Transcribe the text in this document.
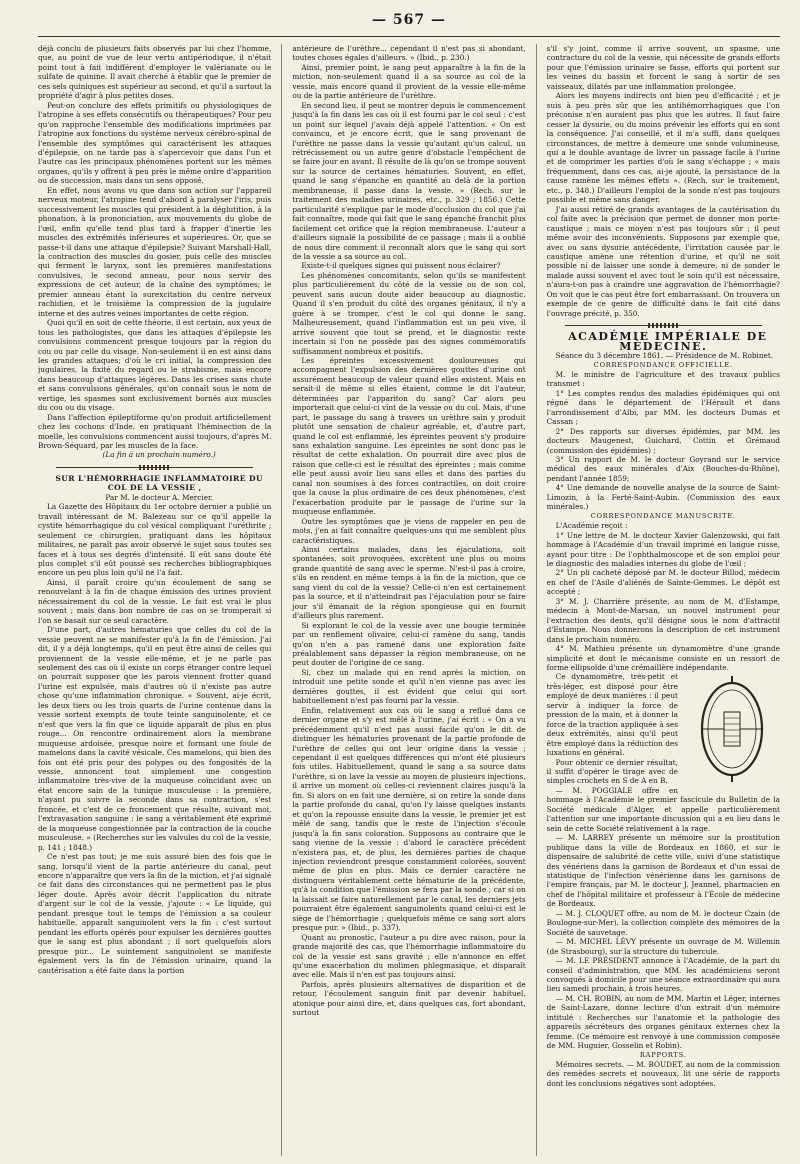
— 567 —

déjà conclu de plusieurs faits observés par lui chez l'homme, que, au point de vue de leur vertu antipériodique, il n'était point tout à fait indifférent d'employer le valérianate ou le sulfate de quinine. Il avait cherché à établir que le premier de ces sels quiniques est supérieur au second, et qu'il a surtout la propriété d'agir à plus petites doses.

Peut-on conclure des effets primitifs ou physiologiques de l'atropine à ses effets consécutifs ou thérapeutiques? Pour peu qu'on rapproche l'ensemble des modifications imprimées par l'atropine aux fonctions du système nerveux cérébro-spinal de l'ensemble des symptômes qui caractérisent les attaques d'épilepsie, on ne tarde pas à s'apercevoir que dans l'un et l'autre cas les principaux phénomènes portent sur les mêmes organes, qu'ils y offrent à peu près le même ordre d'apparition ou de succession, mais dans un sens opposé.

En effet, nous avons vu que dans son action sur l'appareil nerveux moteur, l'atropine tend d'abord à paralyser l'iris, puis successivement les muscles qui président à la déglutition, à la phonation, à la prononciation, aux mouvements du globe de l'œil, enfin qu'elle tend plus tard à frapper d'inertie les muscles des extrémités inférieures et supérieures. Or, que se passe-t-il dans une attaque d'épilepsie? Suivant Marshall-Hall, la contraction des muscles du gosier, puis celle des muscles qui ferment le larynx, sont les premières manifestations convulsives, le second anneau, pour nous servir des expressions de cet auteur, de la chaîne des symptômes; le premier anneau étant la surexcitation du centre nerveux rachidien, et le troisième la compression de la jugulaire interne et des autres veines importantes de cette région.

Quoi qu'il en soit de cette théorie, il est certain, aux yeux de tous les pathologistes, que dans les attaques d'épilepsie les convulsions commencent presque toujours par la région du cou ou par celle du visage. Non-seulement il en est ainsi dans les grandes attaques; d'où le cri initial, la compression des jugulaires, la fixité du regard ou le strabisme, mais encore dans beaucoup d'attaques légères. Dans les crises sans chute et sans convulsions générales, qu'on connaît sous le nom de vertige, les spasmes sont exclusivement bornés aux muscles du cou ou du visage.

Dans l'affection épileptiforme qu'on produit artificiellement chez les cochons d'Inde, en pratiquant l'hémisection de la moelle, les convulsions commencent aussi toujours, d'après M. Brown-Séquard, par les muscles de la face.

(La fin à un prochain numéro.)

SUR L'HÉMORRHAGIE INFLAMMATOIRE DU COL DE LA VESSIE ,

Par M. le docteur A. Mercier.

La Gazette des Hôpitaux du 1er octobre dernier a publié un travail intéressant de M. Balezeau sur ce qu'il appelle la cystite hémorrhagique du col vésical compliquant l'uréthrite ; seulement ce chirurgien, pratiquant dans les hôpitaux militaires, ne paraît pas avoir observé le sujet sous toutes ses faces et à tous ses degrés d'intensité. Il eût sans doute été plus complet s'il eût poussé ses recherches bibliographiques encore un peu plus loin qu'il ne l'a fait.

Ainsi, il paraît croire qu'un écoulement de sang se renouvelant à la fin de chaque émission des urines provient nécessairement du col de la vessie. Le fait est vrai le plus souvent ; mais dans bon nombre de cas on se tromperait si l'on se basait sur ce seul caractère.

D'une part, d'autres hématuries que celles du col de la vessie peuvent ne se manifester qu'à la fin de l'émission. J'ai dit, il y a déjà longtemps, qu'il en peut être ainsi de celles qui proviennent de la vessie elle-même, et je ne parle pas seulement des cas où il existe un corps étranger contre lequel on pourrait supposer que les parois viennent frotter quand l'urine est expulsée, mais d'autres où il n'existe pas autre chose qu'une inflammation chronique. « Souvent, ai-je écrit, les deux tiers ou les trois quarts de l'urine contenue dans la vessie sortent exempts de toute teinte sanguinolente, et ce n'est que vers la fin que ce liquide apparaît de plus en plus rouge... On rencontre ordinairement alors la membrane muqueuse ardoisée, presque noire et formant une foule de mamelons dans la cavité vésicale. Ces mamelons, qui bien des fois ont été pris pour des polypes ou des fongosités de la vessie, annoncent tout simplement une congestion inflammatoire très-vive de la muqueuse coïncidant avec un état encore sain de la tunique musculeuse : la première, n'ayant pu suivre la seconde dans sa contraction, s'est froncée, et c'est de ce froncement que résulte, suivant moi, l'extravasation sanguine : le sang a véritablement été exprimé de la muqueuse congestionnée par la contraction de la couche musculeuse. » (Recherches sur les valvules du col de la vessie, p. 141 ; 1848.)

Ce n'est pas tout; je me suis assuré bien des fois que le sang, lorsqu'il vient de la partie antérieure du canal, peut encore n'apparaître que vers la fin de la miction, et j'ai signalé ce fait dans des circonstances qui ne permettent pas le plus léger doute. Après avoir décrit l'application du nitrate d'argent sur le col de la vessie, j'ajoute : « Le liquide, qui pendant presque tout le temps de l'émission a sa couleur habituelle, apparaît sanguinolent vers la fin : c'est surtout pendant les efforts opérés pour expulser les dernières gouttes que le sang est plus abondant ; il sort quelquefois alors presque pur... Le suintement sanguinolent se manifeste également vers la fin de l'émission urinaire, quand la cautérisation a été faite dans la portion

antérieure de l'urèthre... cependant il n'est pas si abondant, toutes choses égales d'ailleurs. » (Ibid., p. 230.)

Ainsi, premier point, le sang peut apparaître à la fin de la miction, non-seulement quand il a sa source au col de la vessie, mais encore quand il provient de la vessie elle-même ou de la partie antérieure de l'urèthre.

En second lieu, il peut se montrer depuis le commencement jusqu'à la fin dans les cas où il est fourni par le col seul : c'est un point sur lequel j'avais déjà appelé l'attention. « On est convaincu, et je encore écrit, que le sang provenant de l'urèthre ne passe dans la vessie qu'autant qu'un calcul, un rétrécissement ou un autre genre d'obstacle l'empêchent de se faire jour en avant. Il résulte de là qu'on se trompe souvent sur la source de certaines hématuries. Souvent, en effet, quand le sang s'épanche en quantité au delà de la portion membraneuse, il passe dans la vessie. » (Rech. sur le traitement des maladies urinaires, etc., p. 329 ; 1856.) Cette particularité s'explique par le mode d'occlusion du col que j'ai fait connaître, mode qui fait que le sang épanché franchit plus facilement cet orifice que la région membraneuse. L'auteur a d'ailleurs signalé la possibilité de ce passage ; mais il a oublié de nous dire comment il reconnaît alors que le sang qui sort de la vessie a sa source au col.

Existe-t-il quelques signes qui puissent nous éclairer?

Les phénomènes concomitants, selon qu'ils se manifestent plus particulièrement du côté de la vessie ou de son col, peuvent sans aucun doute aider beaucoup au diagnostic. Quand il s'en produit du côté des organes génitaux, il n'y a guère à se tromper, c'est le col qui donne le sang. Malheureusement, quand l'inflammation est un peu vive, il arrive souvent que tout se prend, et le diagnostic reste incertain si l'on ne possède pas des signes commémoratifs suffisamment nombreux et positifs.

Les épreintes excessivement douloureuses qui accompagnent l'expulsion des dernières gouttes d'urine ont assurément beaucoup de valeur quand elles existent. Mais en serait-il de même si elles étaient, comme le dit l'auteur, déterminées par l'appariton du sang? Car alors peu importerait que celui-ci vînt de la vessie ou du col. Mais, d'une part, le passage du sang à travers un urèthre sain y produit plutôt une sensation de chaleur agréable, et, d'autre part, quand le col est enflammé, les épreintes peuvent s'y produire sans exhalation sanguine. Les épreintes ne sont donc pas le résultat de cette exhalation. On pourrait dire avec plus de raison que celle-ci est le résultat des épreintes ; mais comme elle peut aussi avoir lieu sans elles et dans des parties du canal non soumises à des forces contractiles, on doit croire que la cause la plus ordinaire de ces deux phénomènes, c'est l'exacerbation produite par le passage de l'urine sur la muqueuse enflammée.

Outre les symptômes que je viens de rappeler en peu de mots, j'en ai fait connaître quelques-uns qui me semblent plus caractéristiques.

Ainsi certains malades, dans les éjaculations, soit spontanées, soit provoquées, excrètent une plus ou moins grande quantité de sang avec le sperme. N'est-il pas à croire, s'ils en rendent en même temps à la fin de la miction, que ce sang vient du col de la vessie? Celle-ci n'en est certainement pas la source, et il n'atteindrait pas l'éjaculation pour se faire jour s'il émanait de la région spongieuse qui en fournit d'ailleurs plus rarement.

Si explorant le col de la vessie avec une bougie terminée par un renflement olivaire, celui-ci ramène du sang, tandis qu'on n'en a pas ramené dans une exploration faite préalablement sans dépasser la région membraneuse, on ne peut douter de l'origine de ce sang.

Si, chez un malade qui en rend après la miction, on introduit une petite sonde et qu'il n'en vienne pas avec les dernières gouttes, il est évident que celui qui sort habituellement n'est pas fourni par la vessie.

Enfin, relativement aux cas où le sang a reflué dans ce dernier organe et s'y est mêlé à l'urine, j'ai écrit : « On a vu précédemment qu'il n'est pas aussi facile qu'on le dit de distinguer les hématuries provenant de la partie profonde de l'urèthre de celles qui ont leur origine dans la vessie ; cependant il est quelques différences qui m'ont été plusieurs fois utiles. Habituellement, quand le sang a sa source dans l'urèthre, si on lave la vessie au moyen de plusieurs injections, il arrive un moment où celles-ci reviennent claires jusqu'à la fin. Si alors on en fait une dernière, si on retire la sonde dans la partie profonde du canal, qu'on l'y laisse quelques instants et qu'on la repousse ensuite dans la vessie, le premier jet est mêlé de sang, tandis que le reste de l'injection s'écoule jusqu'à la fin sans coloration. Supposons au contraire que le sang vienne de la vessie : d'abord le caractère précédent n'existera pas, et, de plus, les dernières parties de chaque injection reviendront presque constamment colorées, souvent même de plus en plus. Mais ce dernier caractère ne distinguera véritablement cette hématurie de la précédente, qu'à la condition que l'émission se fera par la sonde ; car si on la laissait se faire naturellement par le canal, les derniers jets pourraient être également sanguinolents quand celui-ci est le siège de l'hémorrhagie ; quelquefois même ce sang sort alors presque pur. » (Ibid., p. 337).

Quant au pronostic, l'auteur a pu dire avec raison, pour la grande majorité des cas, que l'hémorrhagie inflammatoire du col de la vessie est sans gravité ; elle n'annonce en effet qu'une exacerbation du molimen phlegmasique, et disparaît avec elle. Mais il n'en est pas toujours ainsi.

Parfois, après plusieurs alternatives de disparition et de retour, l'écoulement sanguin finit par devenir habituel, atonique pour ainsi dire, et, dans quelques cas, fort abondant, surtout

s'il s'y joint, comme il arrive souvent, un spasme, une contracture du col de la vessie, qui nécessite de grands efforts pour que l'émission urinaire se fasse, efforts qui portent sur les veines du bassin et forcent le sang à sortir de ses vaisseaux, dilatés par une inflammation prolongée.

Alors les moyens indirects ont bien peu d'efficacité ; et je suis à peu près sûr que les antihémorrhagiques que l'on préconise n'en auraient pas plus que les autres. Il faut faire cesser la dysurie, ou du moins prévenir les efforts qui en sont la conséquence. J'ai conseillé, et il m'a suffi, dans quelques circonstances, de mettre à demeure une sonde volumineuse, qui a le double avantage de livrer un passage facile à l'urine et de comprimer les parties d'où le sang s'échappe ; « mais fréquemment, dans ces cas, ai-je ajouté, la persistance de la cause ramène les mêmes effets ». (Rech. sur le traitement, etc., p. 348.) D'ailleurs l'emploi de la sonde n'est pas toujours possible et même sans danger.

J'ai aussi retiré de grands avantages de la cautérisation du col faite avec la précision que permet de donner mon porte-caustique ; mais ce moyen n'est pas toujours sûr ; il peut même avoir des inconvénients. Supposons par exemple que, avec ou sans dysurie antécédente, l'irritation causée par le caustique amène une rétention d'urine, et qu'il ne soit possible ni de laisser une sonde à demeure, ni de sonder le malade aussi souvent et avec tout le soin qu'il est nécessaire, n'aura-t-on pas à craindre une aggravation de l'hémorrhagie? On voit que le cas peut être fort embarrassant. On trouvera un exemple de ce genre de difficulté dans le fait cité dans l'ouvrage précité, p. 350.

ACADÉMIE IMPÉRIALE DE MÉDECINE.

Séance du 3 décembre 1861. — Présidence de M. Robinet.

CORRESPONDANCE OFFICIELLE.

M. le ministre de l'agriculture et des travaux publics transmet :

1° Les comptes rendus des maladies épidémiques qui ont régné dans le département de l'Hérault et dans l'arrondissement d'Albi, par MM. les docteurs Dumas et Cassan ;

2° Des rapports sur diverses épidémies, par MM. les docteurs Maugenest, Guichard, Cottin et Grémaud (commission des épidémies) ;

3° Un rapport de M. le docteur Goyrand sur le service médical des eaux minérales d'Aix (Bouches-du-Rhône), pendant l'année 1859;

4° Une demande de nouvelle analyse de la source de Saint-Limozin, à la Ferté-Saint-Aubin. (Commission des eaux minérales.)

CORRESPONDANCE MANUSCRITE.

L'Académie reçoit :

1° Une lettre de M. le docteur Xavier Galenzowski, qui fait hommage à l'Académie d'un travail imprimé en langue russe, ayant pour titre : De l'ophthalmoscope et de son emploi pour le diagnostic des maladies internes du globe de l'œil ;

2° Un pli cacheté déposé par M. le docteur Billod, médecin en chef de l'Asile d'aliénés de Sainte-Gemmes. Le dépôt est accepté ;

3° M. J. Charrière présente, au nom de M. d'Estampe, médecin à Mont-de-Marsan, un nouvel instrument pour l'extraction des dents, qu'il désigne sous le nom d'attractif d'Estampe. Nous donnerons la description de cet instrument dans le prochain numéro.

4° M. Mathieu présente un dynamomètre d'une grande simplicité et dont le mécanisme consiste en un ressort de forme ellipsoïde d'une crémaillère indépendante.

Ce dynamomètre, très-petit et très-léger, est disposé pour être employé de deux manières : il peut servir à indiquer la force de pression de la main, et à donner la force de la traction appliquée à ses deux extrémités, ainsi qu'il peut être employé dans la réduction des luxations en général.

Pour obtenir ce dernier résultat, il suffit d'opérer le tirage avec de simples crochets en S de A en B.

— M. POGGIALE offre en hommage à l'Académie le premier fascicule du Bulletin de la Société médicale d'Alger, et appelle particulièrement l'attention sur une importante discussion qui a eu lieu dans le sein de cette Société relativement à la rage.

— M. LARREY présente un mémoire sur la prostitution publique dans la ville de Bordeaux en 1860, et sur le dispensaire de salubrité de cette ville, suivi d'une statistique des vénériens dans la garnison de Bordeaux et d'un essai de statistique de l'infection vénérienne dans les garnisons de l'empire français, par M. le docteur J. Jeannel, pharmacien en chef de l'hôpital militaire et professeur à l'École de médecine de Bordeaux.

— M. J. CLOQUET offre, au nom de M. le docteur Czain (de Boulogne-sur-Mer), la collection complète des mémoires de la Société de sauvetage.

— M. MICHEL LÉVY présente un ouvrage de M. Willemin (de Strasbourg), sur la structure du tubercule.

— M. LE PRÉSIDENT annonce à l'Académie, de la part du conseil d'administration, que MM. les académiciens seront convoqués à domicile pour une séance extraordinaire qui aura lieu samedi prochain, à trois heures.

— M. CH. ROBIN, au nom de MM. Martin et Léger, internes de Saint-Lazare, donne lecture d'un extrait d'un mémoire intitulé : Recherches sur l'anatomie et la pathologie des appareils sécréteurs des organes génitaux externes chez la femme. (Ce mémoire est renvoyé à une commission composée de MM. Huguier, Gosselin et Robin).

RAPPORTS.

Mémoires secrets. — M. BOUDET, au nom de la commission des remèdes secrets et nouveaux, lit une série de rapports dont les conclusions négatives sont adoptées.
